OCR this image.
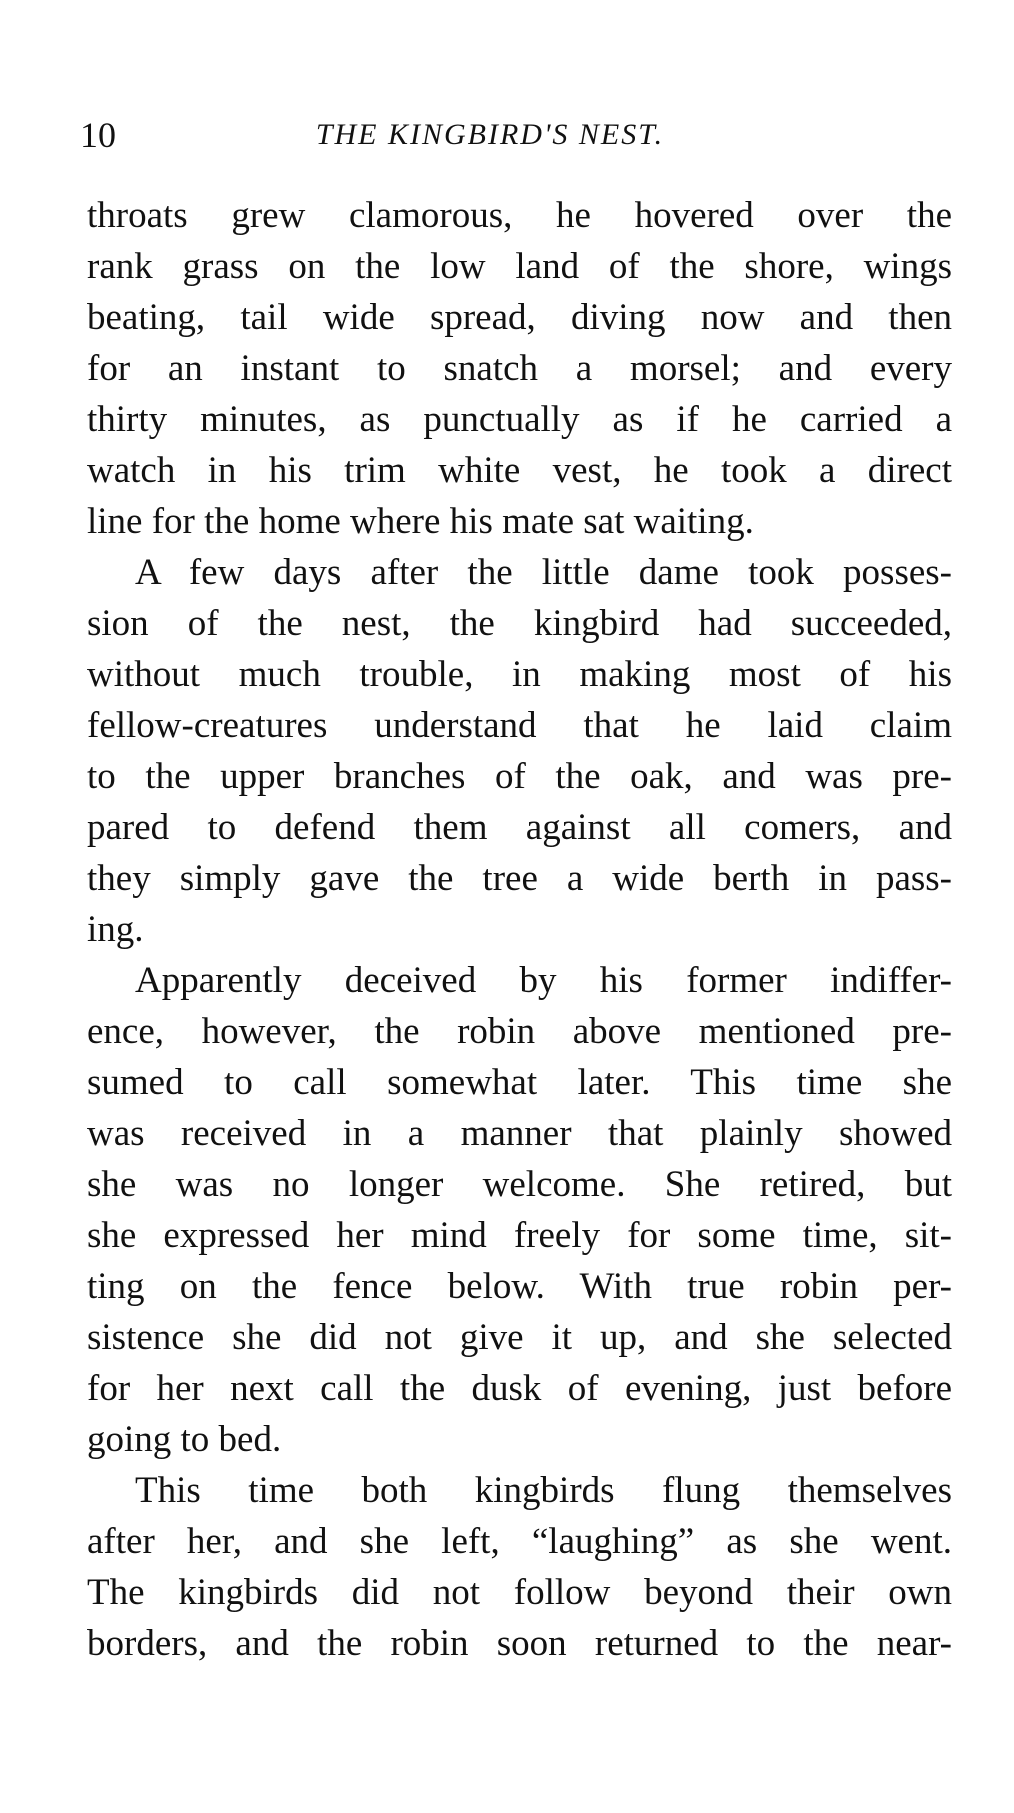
10	THE KINGBIRD'S NEST.

throats grew clamorous, he hovered over the
rank grass on the low land of the shore, wings
beating, tail wide spread, diving now and then
for an instant to snatch a morsel; and every
thirty minutes, as punctually as if he carried a
watch in his trim white vest, he took a direct
line for the home where his mate sat waiting.

A few days after the little dame took posses-
sion of the nest, the kingbird had succeeded,
without much trouble, in making most of his
fellow-creatures understand that he laid claim
to the upper branches of the oak, and was pre-
pared to defend them against all comers, and
they simply gave the tree a wide berth in pass-
ing.

Apparently deceived by his former indiffer-
ence, however, the robin above mentioned pre-
sumed to call somewhat later. This time she
was received in a manner that plainly showed
she was no longer welcome. She retired, but
she expressed her mind freely for some time, sit-
ting on the fence below. With true robin per-
sistence she did not give it up, and she selected
for her next call the dusk of evening, just before
going to bed.

This time both kingbirds flung themselves
after her, and she left, “laughing” as she went.
The kingbirds did not follow beyond their own
borders, and the robin soon returned to the near-
